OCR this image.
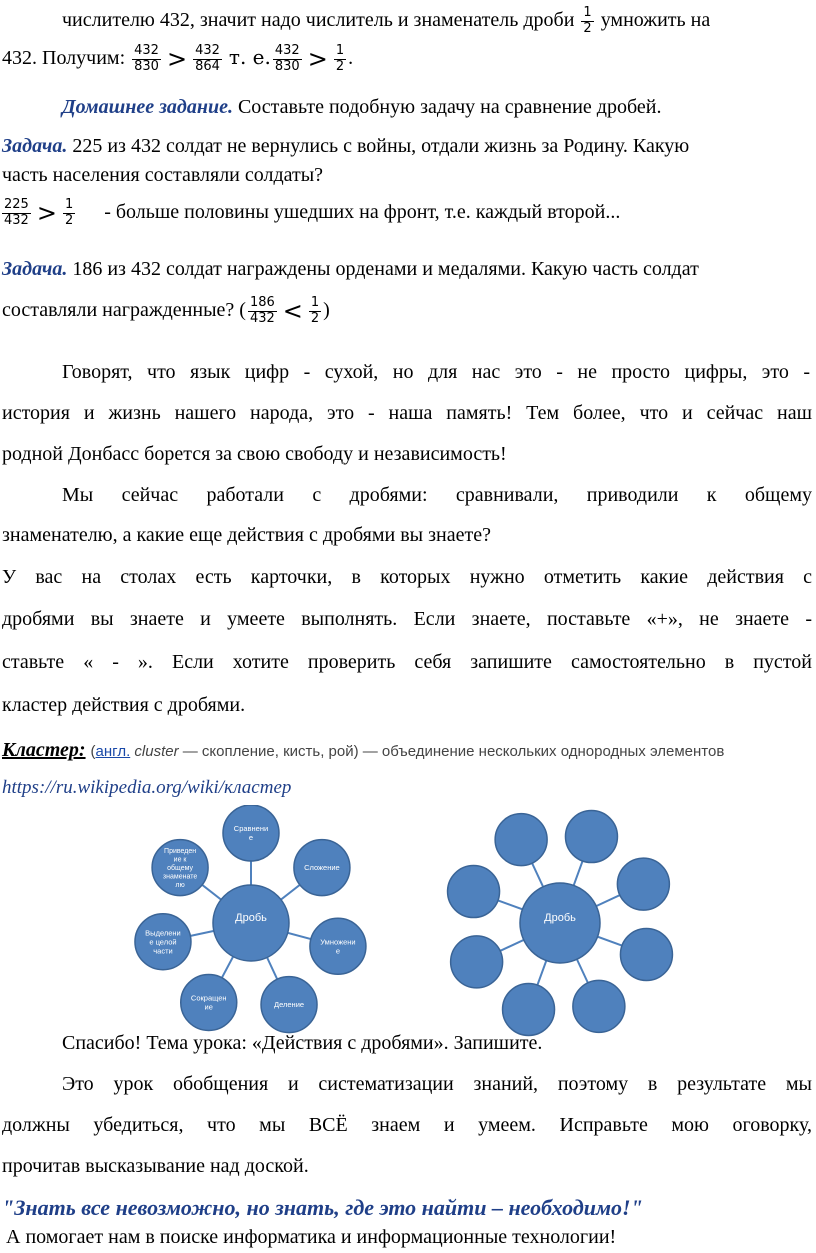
числителю 432, значит надо числитель и знаменатель дроби $\frac{1}{2}$ умножить на
432. Получим: $\frac{432}{830} > \frac{432}{864} т$. е. $\frac{432}{830} > \frac{1}{2}$ .
Домашнее задание. Составьте подобную задачу на сравнение дробей.
Задача. 225 из 432 солдат не вернулись с войны, отдали жизнь за Родину. Какую
часть населения составляли солдаты?
$\frac{225}{432} > \frac{1}{2}$ - больше половины ушедших на фронт, т.е. каждый второй...
Задача. 186 из 432 солдат награждены орденами и медалями. Какую часть солдат
составляли награжденные? ( $\frac{186}{432} < \frac{1}{2}$ )
Говорят, что язык цифр - сухой, но для нас это - не просто цифры, это -
история и жизнь нашего народа, это - наша память! Тем более, что и сейчас наш
родной Донбасс борется за свою свободу и независимость!
Мы сейчас работали с дробями: сравнивали, приводили к общему
знаменателю, а какие еще действия с дробями вы знаете?
У вас на столах есть карточки, в которых нужно отметить какие действия с
дробями вы знаете и умеете выполнять. Если знаете, поставьте «+», не знаете -
ставьте « - ». Если хотите проверить себя запишите самостоятельно в пустой
кластер действия с дробями.
Кластер: (англ. cluster — скопление, кисть, рой) — объединение нескольких однородных элементов
https://ru.wikipedia.org/wiki/кластер
Дробь
Сравнени
е
Сложение
Умножени
е
Деление
Сокращен
ие
Выделени
е целой
части
Приведен
ие к
общему
знаменате
лю
Дробь
Спасибо! Тема урока: «Действия с дробями». Запишите.
Это урок обобщения и систематизации знаний, поэтому в результате мы
должны убедиться, что мы ВСЁ знаем и умеем. Исправьте мою оговорку,
прочитав высказывание над доской.
"Знать все невозможно, но знать, где это найти – необходимо!"
А помогает нам в поиске информатика и информационные технологии!
